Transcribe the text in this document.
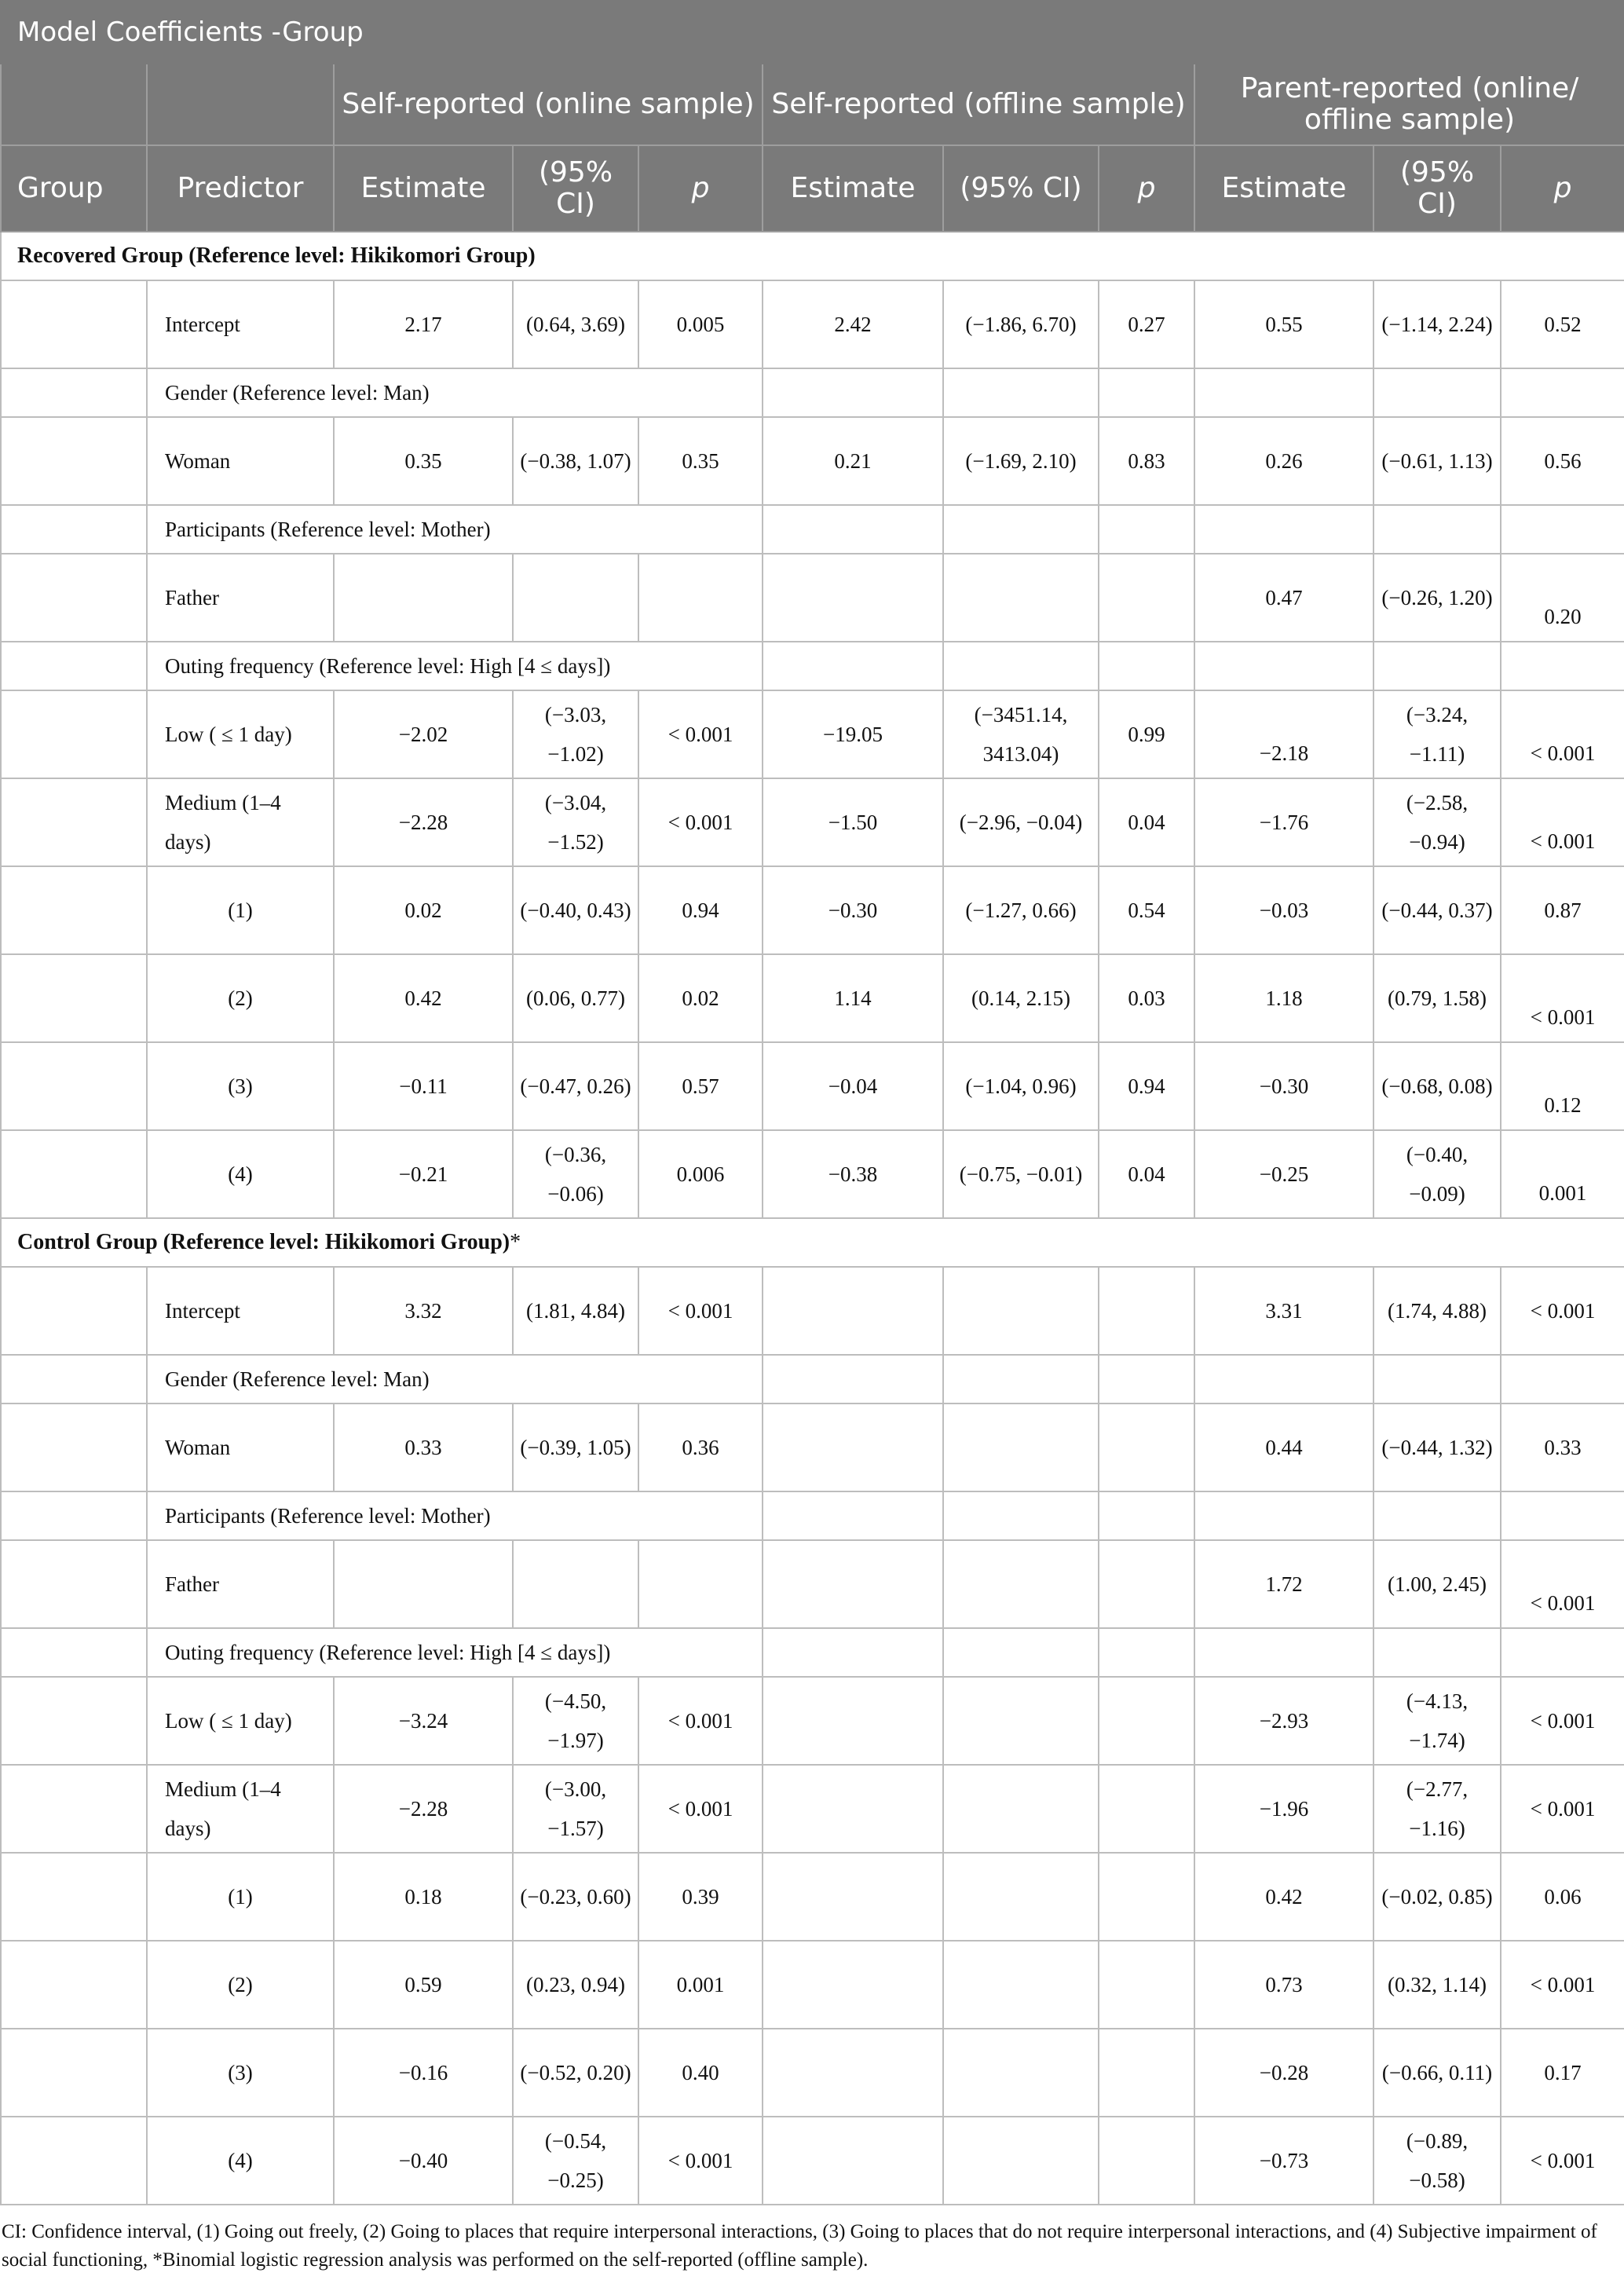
Model Coefficients -Group										
		Self-reported (online sample)			Self-reported (offline sample)			Parent-reported (online/ offline sample)		
Group	Predictor	Estimate	(95% CI)	p	Estimate	(95% CI)	p	Estimate	(95% CI)	p
Recovered Group (Reference level: Hikikomori Group)										
	Intercept	2.17	(0.64, 3.69)	0.005	2.42	(−1.86, 6.70)	0.27	0.55	(−1.14, 2.24)	0.52
	Gender (Reference level: Man)									
	Woman	0.35	(−0.38, 1.07)	0.35	0.21	(−1.69, 2.10)	0.83	0.26	(−0.61, 1.13)	0.56
	Participants (Reference level: Mother)									
	Father							0.47	(−0.26, 1.20)	0.20
	Outing frequency (Reference level: High [4 ≤ days])									
	Low ( ≤ 1 day)	−2.02	(−3.03, −1.02)	< 0.001	−19.05	(−3451.14, 3413.04)	0.99	−2.18	(−3.24, −1.11)	< 0.001
	Medium (1–4 days)	−2.28	(−3.04, −1.52)	< 0.001	−1.50	(−2.96, −0.04)	0.04	−1.76	(−2.58, −0.94)	< 0.001
	(1)	0.02	(−0.40, 0.43)	0.94	−0.30	(−1.27, 0.66)	0.54	−0.03	(−0.44, 0.37)	0.87
	(2)	0.42	(0.06, 0.77)	0.02	1.14	(0.14, 2.15)	0.03	1.18	(0.79, 1.58)	< 0.001
	(3)	−0.11	(−0.47, 0.26)	0.57	−0.04	(−1.04, 0.96)	0.94	−0.30	(−0.68, 0.08)	0.12
	(4)	−0.21	(−0.36, −0.06)	0.006	−0.38	(−0.75, −0.01)	0.04	−0.25	(−0.40, −0.09)	0.001
Control Group (Reference level: Hikikomori Group)*										
	Intercept	3.32	(1.81, 4.84)	< 0.001				3.31	(1.74, 4.88)	< 0.001
	Gender (Reference level: Man)									
	Woman	0.33	(−0.39, 1.05)	0.36				0.44	(−0.44, 1.32)	0.33
	Participants (Reference level: Mother)									
	Father							1.72	(1.00, 2.45)	< 0.001
	Outing frequency (Reference level: High [4 ≤ days])									
	Low ( ≤ 1 day)	−3.24	(−4.50, −1.97)	< 0.001				−2.93	(−4.13, −1.74)	< 0.001
	Medium (1–4 days)	−2.28	(−3.00, −1.57)	< 0.001				−1.96	(−2.77, −1.16)	< 0.001
	(1)	0.18	(−0.23, 0.60)	0.39				0.42	(−0.02, 0.85)	0.06
	(2)	0.59	(0.23, 0.94)	0.001				0.73	(0.32, 1.14)	< 0.001
	(3)	−0.16	(−0.52, 0.20)	0.40				−0.28	(−0.66, 0.11)	0.17
	(4)	−0.40	(−0.54, −0.25)	< 0.001				−0.73	(−0.89, −0.58)	< 0.001
CI: Confidence interval, (1) Going out freely, (2) Going to places that require interpersonal interactions, (3) Going to places that do not require interpersonal interactions, and (4) Subjective impairment of social functioning, *Binomial logistic regression analysis was performed on the self-reported (offline sample).
